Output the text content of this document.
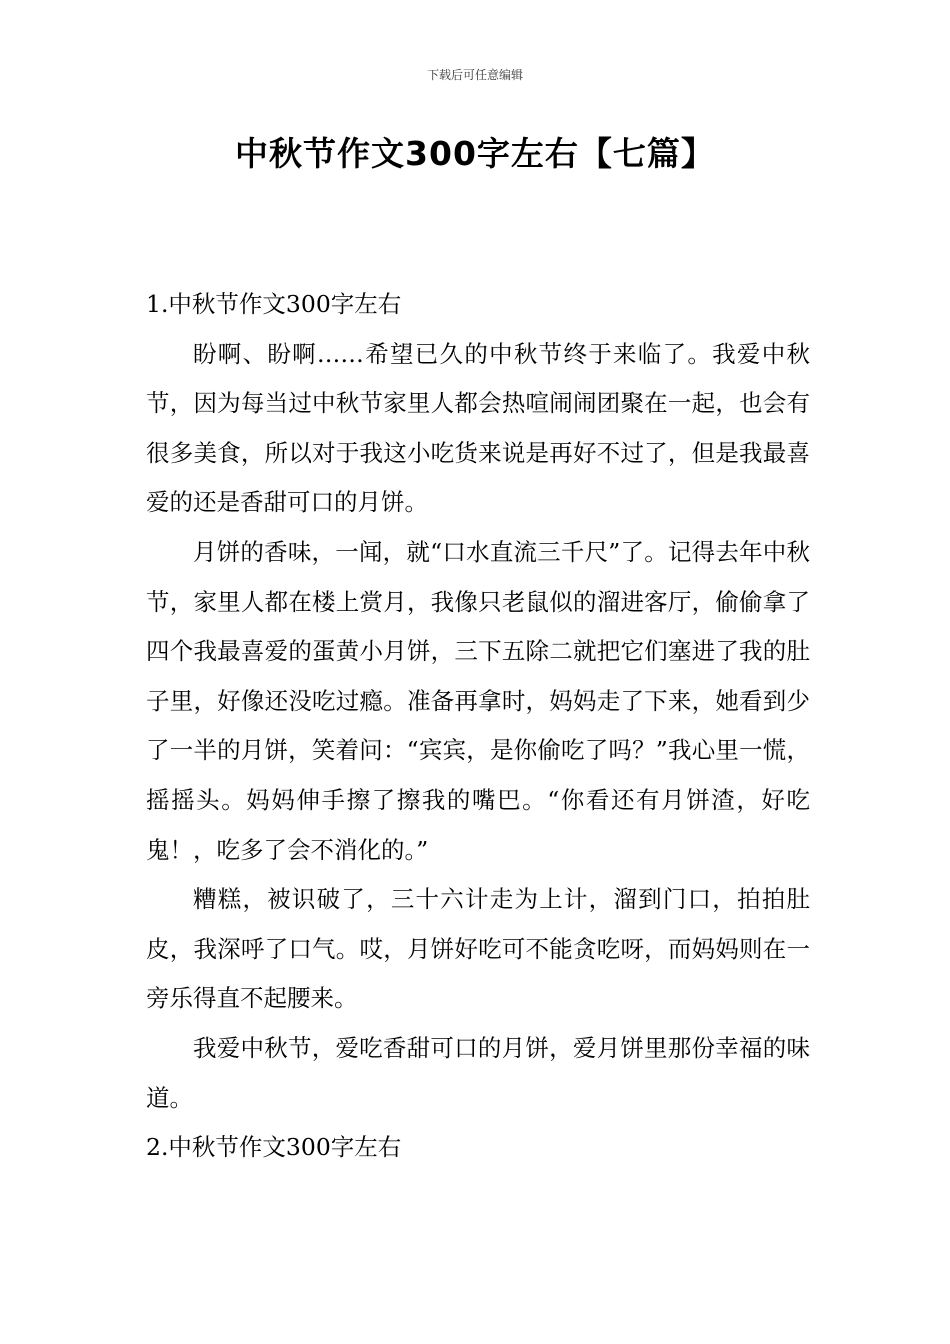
下载后可任意编辑
中秋节作文300字左右【七篇】
1.中秋节作文300字左右

盼啊、盼啊……希望已久的中秋节终于来临了。我爱中秋节，因为每当过中秋节家里人都会热喧闹闹团聚在一起，也会有很多美食，所以对于我这小吃货来说是再好不过了，但是我最喜爱的还是香甜可口的月饼。

月饼的香味，一闻，就“口水直流三千尺”了。记得去年中秋节，家里人都在楼上赏月，我像只老鼠似的溜进客厅，偷偷拿了四个我最喜爱的蛋黄小月饼，三下五除二就把它们塞进了我的肚子里，好像还没吃过瘾。准备再拿时，妈妈走了下来，她看到少了一半的月饼，笑着问：“宾宾，是你偷吃了吗？”我心里一慌，摇摇头。妈妈伸手擦了擦我的嘴巴。“你看还有月饼渣，好吃鬼！，吃多了会不消化的。”

糟糕，被识破了，三十六计走为上计，溜到门口，拍拍肚皮，我深呼了口气。哎，月饼好吃可不能贪吃呀，而妈妈则在一旁乐得直不起腰来。

我爱中秋节，爱吃香甜可口的月饼，爱月饼里那份幸福的味道。

2.中秋节作文300字左右
